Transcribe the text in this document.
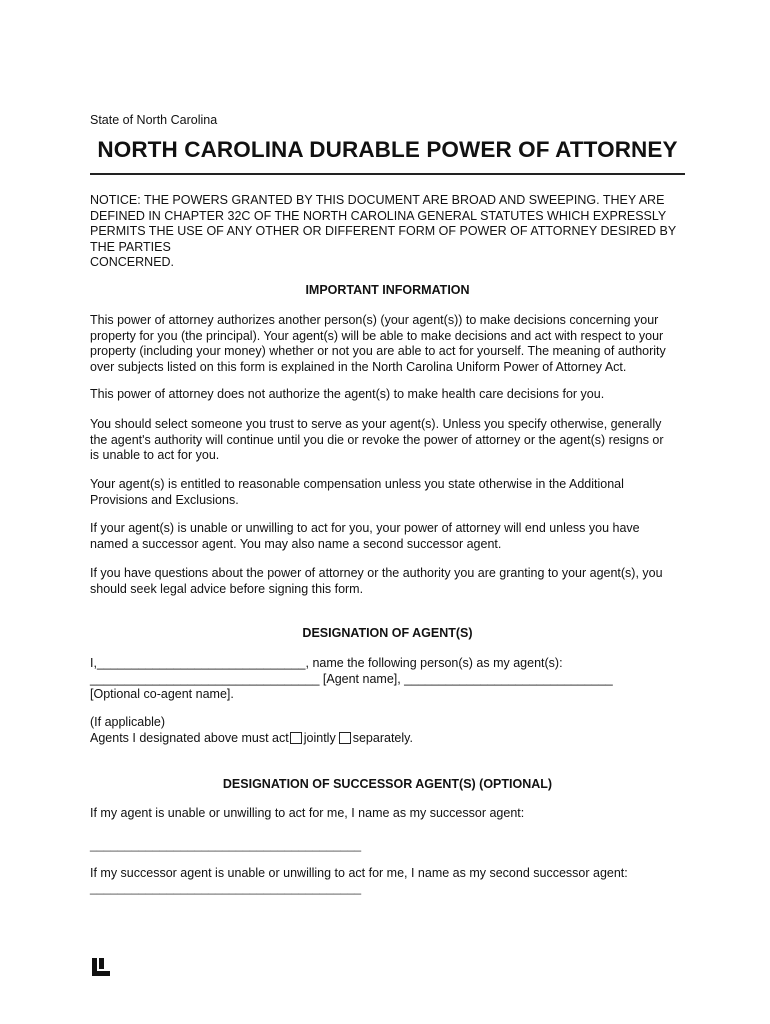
State of North Carolina
NORTH CAROLINA DURABLE POWER OF ATTORNEY
NOTICE: THE POWERS GRANTED BY THIS DOCUMENT ARE BROAD AND SWEEPING. THEY ARE
DEFINED IN CHAPTER 32C OF THE NORTH CAROLINA GENERAL STATUTES WHICH EXPRESSLY
PERMITS THE USE OF ANY OTHER OR DIFFERENT FORM OF POWER OF ATTORNEY DESIRED BY
THE PARTIES
CONCERNED.
IMPORTANT INFORMATION
This power of attorney authorizes another person(s) (your agent(s)) to make decisions concerning your
property for you (the principal). Your agent(s) will be able to make decisions and act with respect to your
property (including your money) whether or not you are able to act for yourself. The meaning of authority
over subjects listed on this form is explained in the North Carolina Uniform Power of Attorney Act.
This power of attorney does not authorize the agent(s) to make health care decisions for you.
You should select someone you trust to serve as your agent(s). Unless you specify otherwise, generally
the agent's authority will continue until you die or revoke the power of attorney or the agent(s) resigns or
is unable to act for you.
Your agent(s) is entitled to reasonable compensation unless you state otherwise in the Additional
Provisions and Exclusions.
If your agent(s) is unable or unwilling to act for you, your power of attorney will end unless you have
named a successor agent. You may also name a second successor agent.
If you have questions about the power of attorney or the authority you are granting to your agent(s), you
should seek legal advice before signing this form.
DESIGNATION OF AGENT(S)
I,______________________________, name the following person(s) as my agent(s):
_________________________________ [Agent name], ______________________________
[Optional co-agent name].
(If applicable)
Agents I designated above must act jointly separately.
DESIGNATION OF SUCCESSOR AGENT(S) (OPTIONAL)
If my agent is unable or unwilling to act for me, I name as my successor agent:
_______________________________________
If my successor agent is unable or unwilling to act for me, I name as my second successor agent:
_______________________________________
